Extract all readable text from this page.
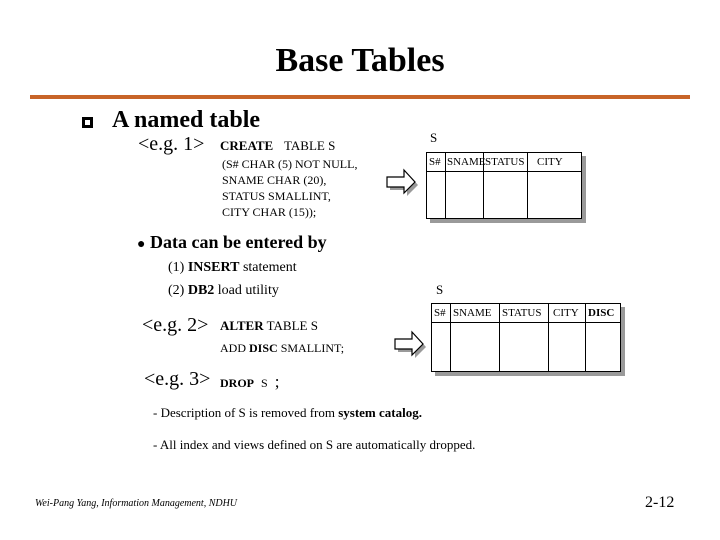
Base Tables
A named table
<e.g. 1> CREATE TABLE S
(S# CHAR (5) NOT NULL,
SNAME CHAR (20),
STATUS SMALLINT,
CITY CHAR (15));
S
S# SNAME STATUS CITY
● Data can be entered by
(1) INSERT statement
(2) DB2 load utility
<e.g. 2> ALTER TABLE S
ADD DISC SMALLINT;
S
S# SNAME STATUS CITY DISC
<e.g. 3> DROP S ;
- Description of S is removed from system catalog.
- All index and views defined on S are automatically dropped.
Wei-Pang Yang, Information Management, NDHU	2-12
